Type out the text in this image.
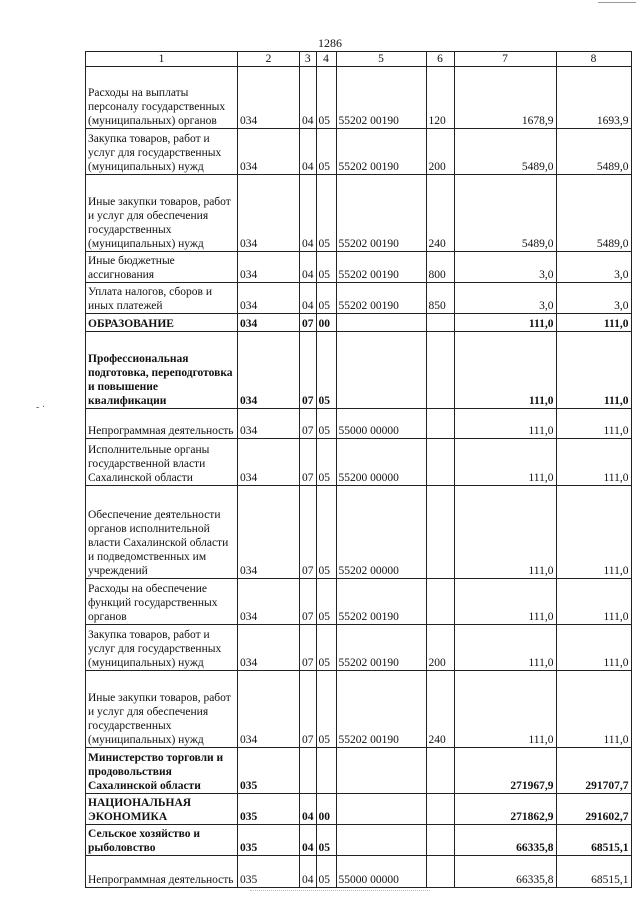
1286
- ·
1	2	3	4	5	6	7	8
Расходы на выплаты персоналу государственных (муниципальных) органов	034	04	05	55202 00190	120	1678,9	1693,9
Закупка товаров, работ и услуг для государственных (муниципальных) нужд	034	04	05	55202 00190	200	5489,0	5489,0
Иные закупки товаров, работ и услуг для обеспечения государственных (муниципальных) нужд	034	04	05	55202 00190	240	5489,0	5489,0
Иные бюджетные ассигнования	034	04	05	55202 00190	800	3,0	3,0
Уплата налогов, сборов и иных платежей	034	04	05	55202 00190	850	3,0	3,0
ОБРАЗОВАНИЕ	034	07	00			111,0	111,0
Профессиональная подготовка, переподготовка и повышение квалификации	034	07	05			111,0	111,0
Непрограммная деятельность	034	07	05	55000 00000		111,0	111,0
Исполнительные органы государственной власти Сахалинской области	034	07	05	55200 00000		111,0	111,0
Обеспечение деятельности органов исполнительной власти Сахалинской области и подведомственных им учреждений	034	07	05	55202 00000		111,0	111,0
Расходы на обеспечение функций государственных органов	034	07	05	55202 00190		111,0	111,0
Закупка товаров, работ и услуг для государственных (муниципальных) нужд	034	07	05	55202 00190	200	111,0	111,0
Иные закупки товаров, работ и услуг для обеспечения государственных (муниципальных) нужд	034	07	05	55202 00190	240	111,0	111,0
Министерство торговли и продовольствия Сахалинской области	035					271967,9	291707,7
НАЦИОНАЛЬНАЯ ЭКОНОМИКА	035	04	00			271862,9	291602,7
Сельское хозяйство и рыболовство	035	04	05			66335,8	68515,1
Непрограммная деятельность	035	04	05	55000 00000		66335,8	68515,1
